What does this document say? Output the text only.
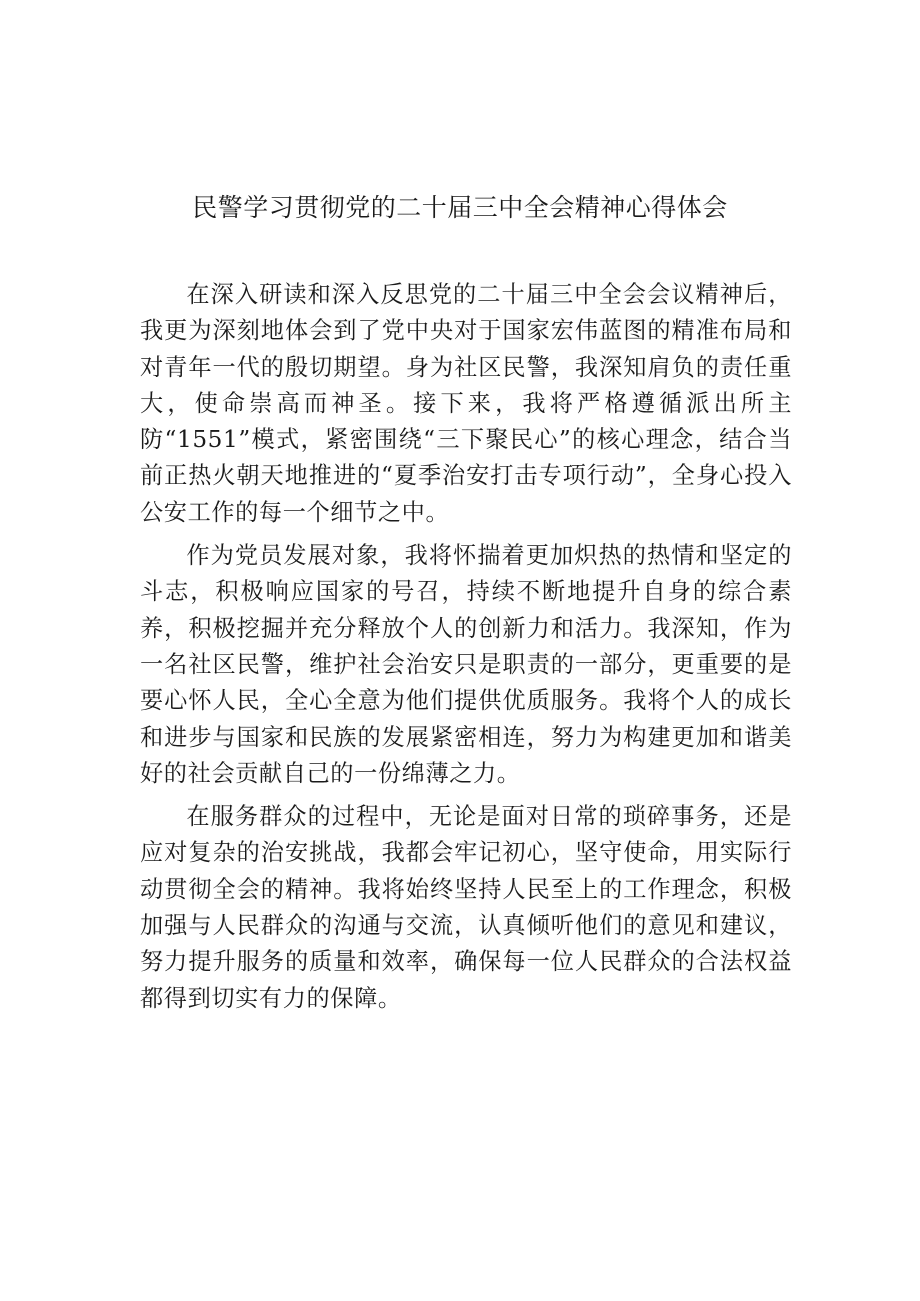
民警学习贯彻党的二十届三中全会精神心得体会

在深入研读和深入反思党的二十届三中全会会议精神后，我更为深刻地体会到了党中央对于国家宏伟蓝图的精准布局和对青年一代的殷切期望。身为社区民警，我深知肩负的责任重大，使命崇高而神圣。接下来，我将严格遵循派出所主防“1551”模式，紧密围绕“三下聚民心”的核心理念，结合当前正热火朝天地推进的“夏季治安打击专项行动”，全身心投入公安工作的每一个细节之中。

作为党员发展对象，我将怀揣着更加炽热的热情和坚定的斗志，积极响应国家的号召，持续不断地提升自身的综合素养，积极挖掘并充分释放个人的创新力和活力。我深知，作为一名社区民警，维护社会治安只是职责的一部分，更重要的是要心怀人民，全心全意为他们提供优质服务。我将个人的成长和进步与国家和民族的发展紧密相连，努力为构建更加和谐美好的社会贡献自己的一份绵薄之力。

在服务群众的过程中，无论是面对日常的琐碎事务，还是应对复杂的治安挑战，我都会牢记初心，坚守使命，用实际行动贯彻全会的精神。我将始终坚持人民至上的工作理念，积极加强与人民群众的沟通与交流，认真倾听他们的意见和建议，努力提升服务的质量和效率，确保每一位人民群众的合法权益都得到切实有力的保障。
